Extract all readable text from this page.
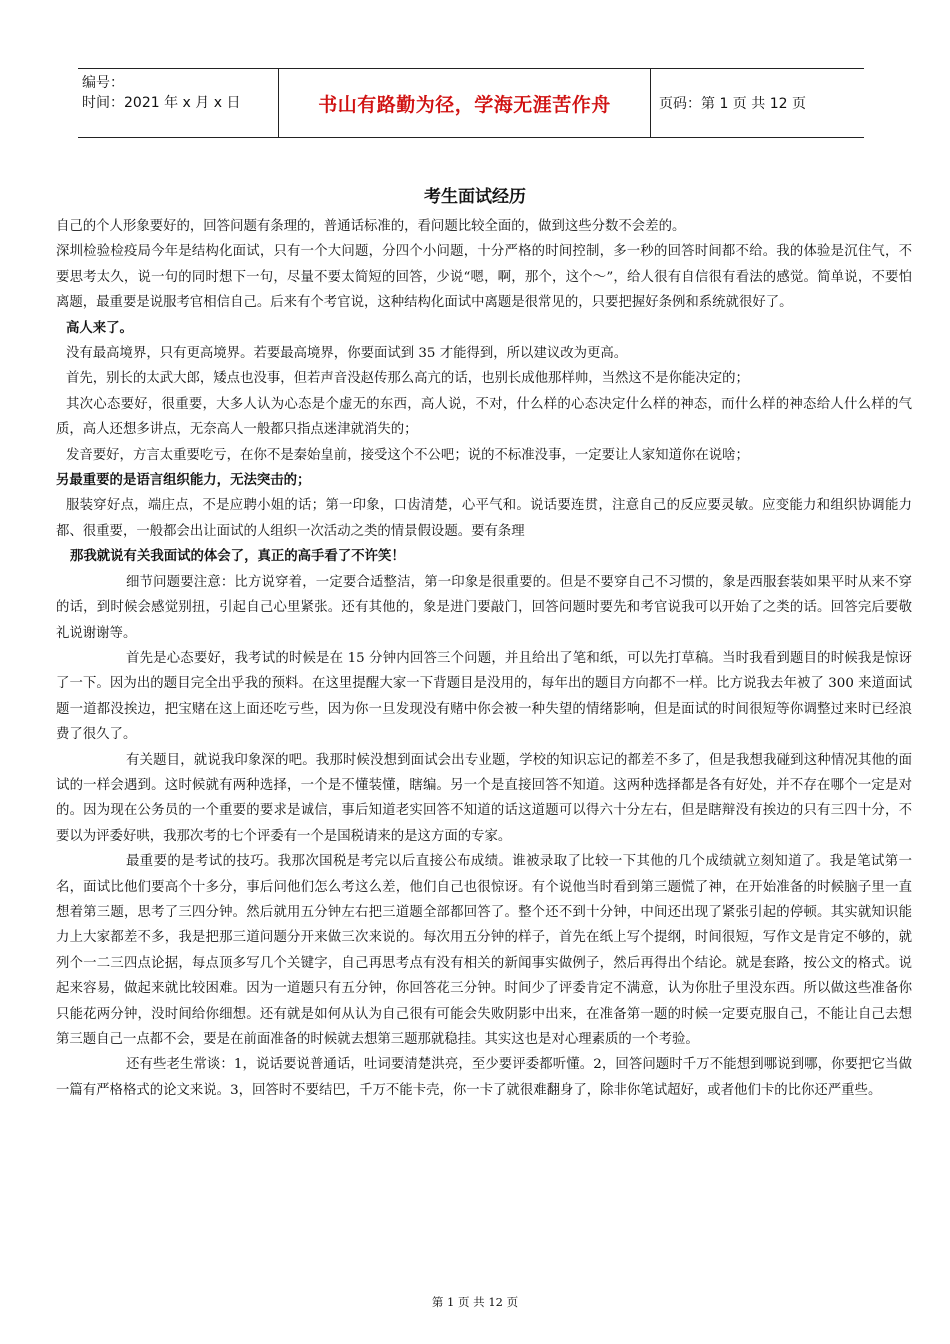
编号：
时间：2021 年 x 月 x 日	书山有路勤为径，学海无涯苦作舟	页码：第 1 页 共 12 页
考生面试经历

自己的个人形象要好的，回答问题有条理的，普通话标准的，看问题比较全面的，做到这些分数不会差的。

深圳检验检疫局今年是结构化面试，只有一个大问题，分四个小问题，十分严格的时间控制，多一秒的回答时间都不给。我的体验是沉住气，不要思考太久，说一句的同时想下一句，尽量不要太简短的回答，少说“嗯，啊，那个，这个～”，给人很有自信很有看法的感觉。简单说，不要怕离题，最重要是说服考官相信自己。后来有个考官说，这种结构化面试中离题是很常见的，只要把握好条例和系统就很好了。

高人来了。

没有最高境界，只有更高境界。若要最高境界，你要面试到 35 才能得到，所以建议改为更高。

首先，别长的太武大郎，矮点也没事，但若声音没赵传那么高亢的话，也别长成他那样帅，当然这不是你能决定的；

其次心态要好，很重要，大多人认为心态是个虚无的东西，高人说，不对，什么样的心态决定什么样的神态，而什么样的神态给人什么样的气质，高人还想多讲点，无奈高人一般都只指点迷津就消失的；

发音要好，方言太重要吃亏，在你不是秦始皇前，接受这个不公吧；说的不标准没事，一定要让人家知道你在说啥；

另最重要的是语言组织能力，无法突击的；

服装穿好点，端庄点，不是应聘小姐的话；第一印象，口齿清楚，心平气和。说话要连贯，注意自己的反应要灵敏。应变能力和组织协调能力都、很重要，一般都会出让面试的人组织一次活动之类的情景假设题。要有条理

那我就说有关我面试的体会了，真正的高手看了不许笑！

细节问题要注意：比方说穿着，一定要合适整洁，第一印象是很重要的。但是不要穿自己不习惯的，象是西服套装如果平时从来不穿的话，到时候会感觉别扭，引起自己心里紧张。还有其他的，象是进门要敲门，回答问题时要先和考官说我可以开始了之类的话。回答完后要敬礼说谢谢等。

首先是心态要好，我考试的时候是在 15 分钟内回答三个问题，并且给出了笔和纸，可以先打草稿。当时我看到题目的时候我是惊讶了一下。因为出的题目完全出乎我的预料。在这里提醒大家一下背题目是没用的，每年出的题目方向都不一样。比方说我去年被了 300 来道面试题一道都没挨边，把宝赌在这上面还吃亏些，因为你一旦发现没有赌中你会被一种失望的情绪影响，但是面试的时间很短等你调整过来时已经浪费了很久了。

有关题目，就说我印象深的吧。我那时候没想到面试会出专业题，学校的知识忘记的都差不多了，但是我想我碰到这种情况其他的面试的一样会遇到。这时候就有两种选择，一个是不懂装懂，瞎编。另一个是直接回答不知道。这两种选择都是各有好处，并不存在哪个一定是对的。因为现在公务员的一个重要的要求是诚信，事后知道老实回答不知道的话这道题可以得六十分左右，但是瞎辩没有挨边的只有三四十分，不要以为评委好哄，我那次考的七个评委有一个是国税请来的是这方面的专家。

最重要的是考试的技巧。我那次国税是考完以后直接公布成绩。谁被录取了比较一下其他的几个成绩就立刻知道了。我是笔试第一名，面试比他们要高个十多分，事后问他们怎么考这么差，他们自己也很惊讶。有个说他当时看到第三题慌了神，在开始准备的时候脑子里一直想着第三题，思考了三四分钟。然后就用五分钟左右把三道题全部都回答了。整个还不到十分钟，中间还出现了紧张引起的停顿。其实就知识能力上大家都差不多，我是把那三道问题分开来做三次来说的。每次用五分钟的样子，首先在纸上写个提纲，时间很短，写作文是肯定不够的，就列个一二三四点论据，每点顶多写几个关键字，自己再思考点有没有相关的新闻事实做例子，然后再得出个结论。就是套路，按公文的格式。说起来容易，做起来就比较困难。因为一道题只有五分钟，你回答花三分钟。时间少了评委肯定不满意，认为你肚子里没东西。所以做这些准备你只能花两分钟，没时间给你细想。还有就是如何从认为自己很有可能会失败阴影中出来，在准备第一题的时候一定要克服自己，不能让自己去想第三题自己一点都不会，要是在前面准备的时候就去想第三题那就稳挂。其实这也是对心理素质的一个考验。

还有些老生常谈：1，说话要说普通话，吐词要清楚洪亮，至少要评委都听懂。2，回答问题时千万不能想到哪说到哪，你要把它当做一篇有严格格式的论文来说。3，回答时不要结巴，千万不能卡壳，你一卡了就很难翻身了，除非你笔试超好，或者他们卡的比你还严重些。

第 1 页 共 12 页
